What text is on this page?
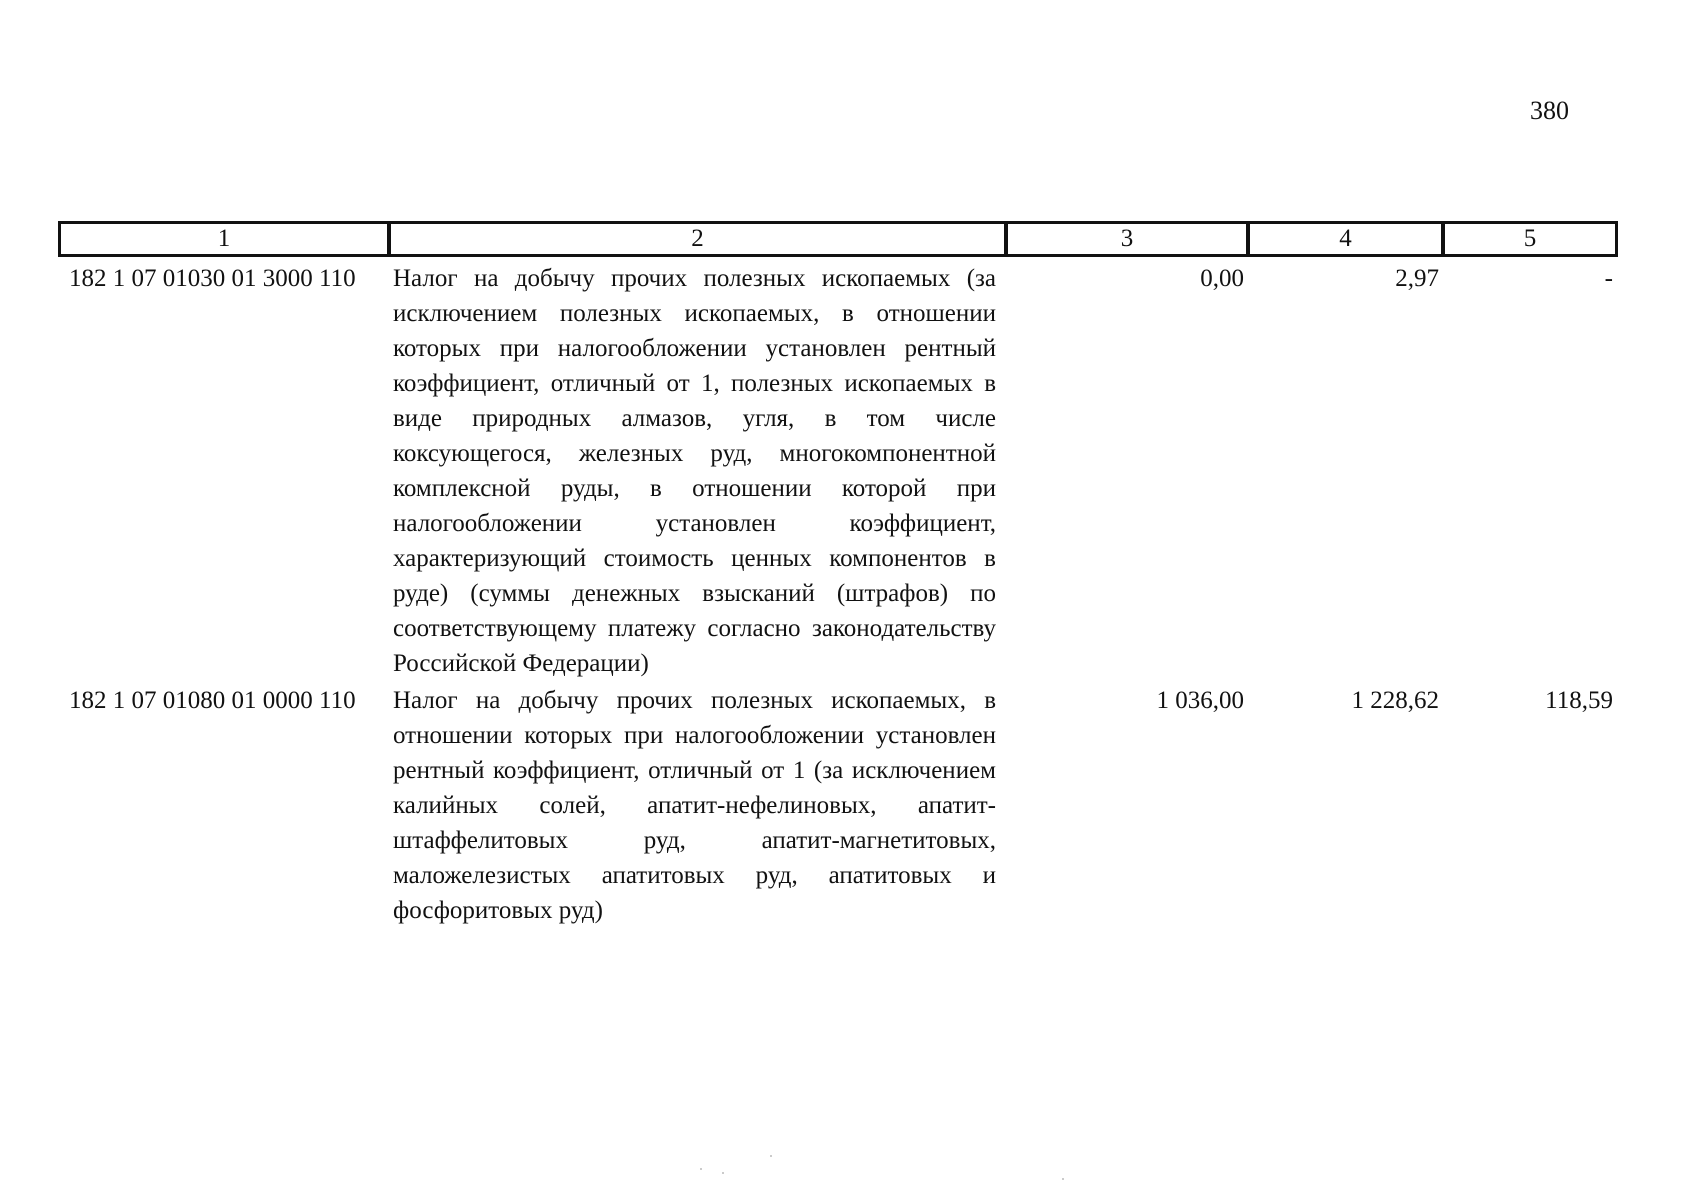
380
1	2	3	4	5
182 1 07 01030 01 3000 110	Налог на добычу прочих полезных ископаемых (за исключением полезных ископаемых, в отношении которых при налогообложении установлен рентный коэффициент, отличный от 1, полезных ископаемых в виде природных алмазов, угля, в том числе коксующегося, железных руд, многокомпонентной комплексной руды, в отношении которой при налогообложении установлен коэффициент, характеризующий стоимость ценных компонентов в руде) (суммы денежных взысканий (штрафов) по соответствующему платежу согласно законодательству Российской Федерации)	0,00	2,97	-
182 1 07 01080 01 0000 110	Налог на добычу прочих полезных ископаемых, в отношении которых при налогообложении установлен рентный коэффициент, отличный от 1 (за исключением калийных солей, апатит-нефелиновых, апатит-штаффелитовых руд, апатит-магнетитовых, маложелезистых апатитовых руд, апатитовых и фосфоритовых руд)	1 036,00	1 228,62	118,59
